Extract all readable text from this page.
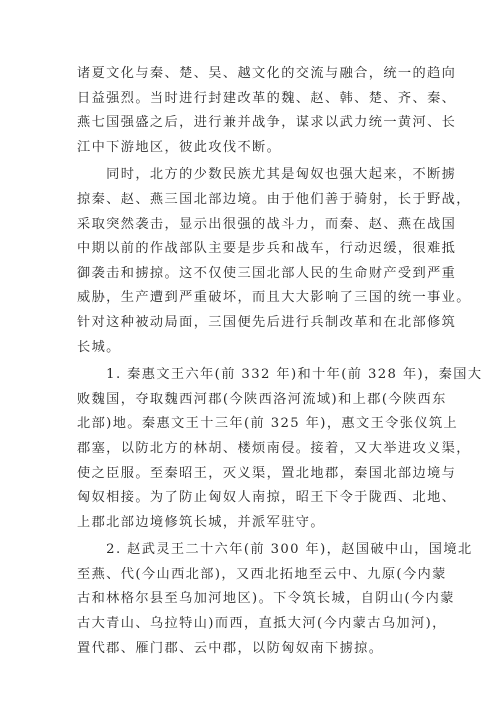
诸夏文化与秦、楚、吴、越文化的交流与融合，统一的趋向
日益强烈。当时进行封建改革的魏、赵、韩、楚、齐、秦、
燕七国强盛之后，进行兼并战争，谋求以武力统一黄河、长
江中下游地区，彼此攻伐不断。
　　同时，北方的少数民族尤其是匈奴也强大起来，不断掳
掠秦、赵、燕三国北部边境。由于他们善于骑射，长于野战，
采取突然袭击，显示出很强的战斗力，而秦、赵、燕在战国
中期以前的作战部队主要是步兵和战车，行动迟缓，很难抵
御袭击和掳掠。这不仅使三国北部人民的生命财产受到严重
威胁，生产遭到严重破坏，而且大大影响了三国的统一事业。
针对这种被动局面，三国便先后进行兵制改革和在北部修筑
长城。
　　1. 秦惠文王六年(前 332 年)和十年(前 328 年)，秦国大
败魏国，夺取魏西河郡(今陕西洛河流域)和上郡(今陕西东
北部)地。秦惠文王十三年(前 325 年)，惠文王令张仪筑上
郡塞，以防北方的林胡、楼烦南侵。接着，又大举进攻义渠，
使之臣服。至秦昭王，灭义渠，置北地郡，秦国北部边境与
匈奴相接。为了防止匈奴人南掠，昭王下令于陇西、北地、
上郡北部边境修筑长城，并派军驻守。
　　2. 赵武灵王二十六年(前 300 年)，赵国破中山，国境北
至燕、代(今山西北部)，又西北拓地至云中、九原(今内蒙
古和林格尔县至乌加河地区)。下令筑长城，自阴山(今内蒙
古大青山、乌拉特山)而西，直抵大河(今内蒙古乌加河)，
置代郡、雁门郡、云中郡，以防匈奴南下掳掠。
